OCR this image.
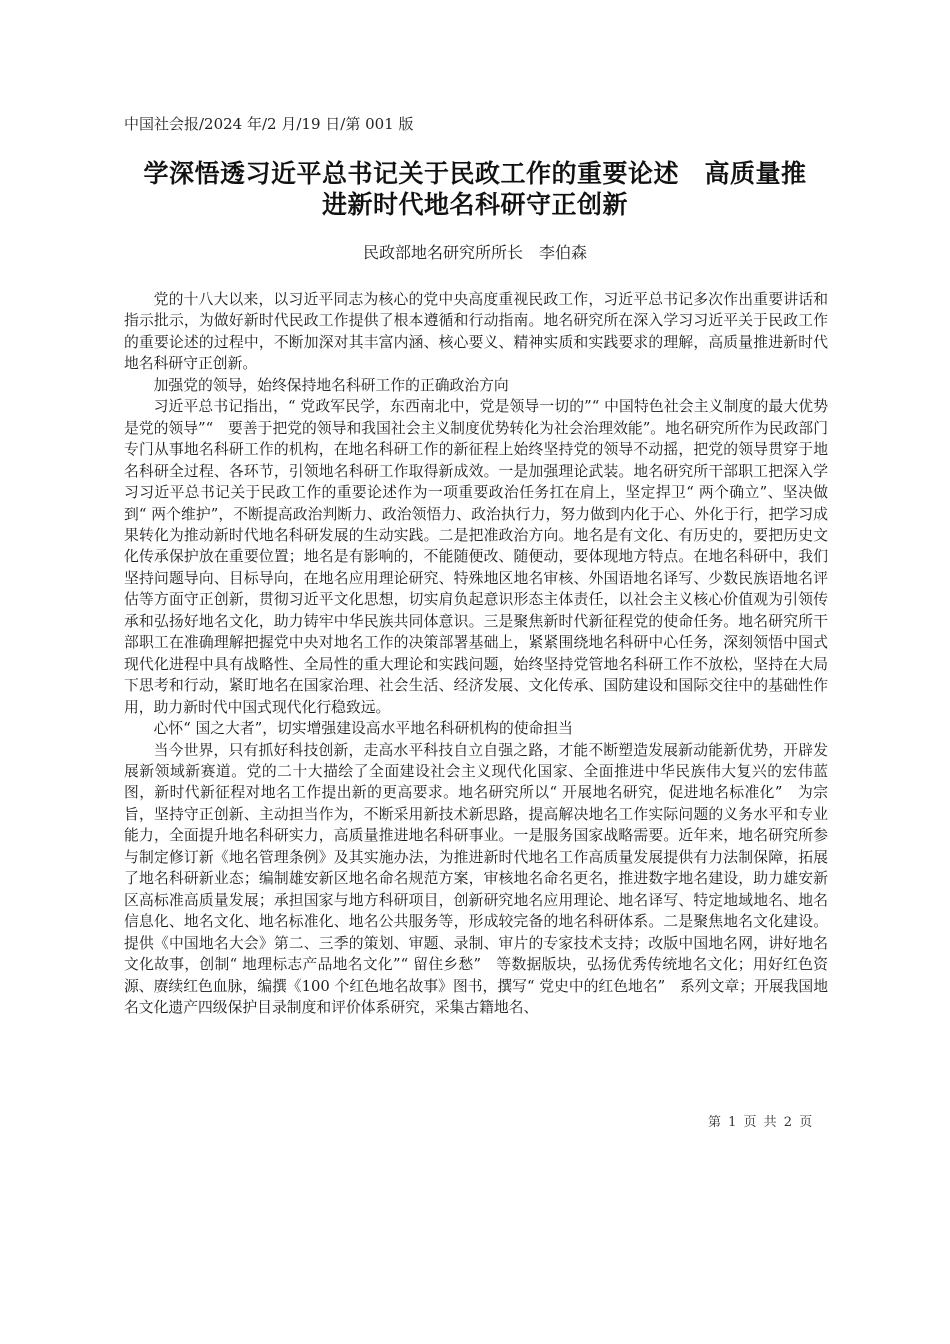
中国社会报/2024 年/2 月/19 日/第 001 版
学深悟透习近平总书记关于民政工作的重要论述　高质量推
进新时代地名科研守正创新
民政部地名研究所所长　李伯森

党的十八大以来，以习近平同志为核心的党中央高度重视民政工作，习近平总书记多次作出重要讲话和指示批示，为做好新时代民政工作提供了根本遵循和行动指南。地名研究所在深入学习习近平关于民政工作的重要论述的过程中，不断加深对其丰富内涵、核心要义、精神实质和实践要求的理解，高质量推进新时代地名科研守正创新。

加强党的领导，始终保持地名科研工作的正确政治方向

习近平总书记指出，“ 党政军民学，东西南北中，党是领导一切的”“ 中国特色社会主义制度的最大优势是党的领导”“　要善于把党的领导和我国社会主义制度优势转化为社会治理效能”。地名研究所作为民政部门专门从事地名科研工作的机构，在地名科研工作的新征程上始终坚持党的领导不动摇，把党的领导贯穿于地名科研全过程、各环节，引领地名科研工作取得新成效。一是加强理论武装。地名研究所干部职工把深入学习习近平总书记关于民政工作的重要论述作为一项重要政治任务扛在肩上，坚定捍卫“ 两个确立”、坚决做到“ 两个维护”，不断提高政治判断力、政治领悟力、政治执行力，努力做到内化于心、外化于行，把学习成果转化为推动新时代地名科研发展的生动实践。二是把准政治方向。地名是有文化、有历史的，要把历史文化传承保护放在重要位置；地名是有影响的，不能随便改、随便动，要体现地方特点。在地名科研中，我们坚持问题导向、目标导向，在地名应用理论研究、特殊地区地名审核、外国语地名译写、少数民族语地名评估等方面守正创新，贯彻习近平文化思想，切实肩负起意识形态主体责任，以社会主义核心价值观为引领传承和弘扬好地名文化，助力铸牢中华民族共同体意识。三是聚焦新时代新征程党的使命任务。地名研究所干部职工在准确理解把握党中央对地名工作的决策部署基础上，紧紧围绕地名科研中心任务，深刻领悟中国式现代化进程中具有战略性、全局性的重大理论和实践问题，始终坚持党管地名科研工作不放松，坚持在大局下思考和行动，紧盯地名在国家治理、社会生活、经济发展、文化传承、国防建设和国际交往中的基础性作用，助力新时代中国式现代化行稳致远。

心怀“ 国之大者”，切实增强建设高水平地名科研机构的使命担当

当今世界，只有抓好科技创新，走高水平科技自立自强之路，才能不断塑造发展新动能新优势，开辟发展新领域新赛道。党的二十大描绘了全面建设社会主义现代化国家、全面推进中华民族伟大复兴的宏伟蓝图，新时代新征程对地名工作提出新的更高要求。地名研究所以“ 开展地名研究，促进地名标准化”　为宗旨，坚持守正创新、主动担当作为，不断采用新技术新思路，提高解决地名工作实际问题的义务水平和专业能力，全面提升地名科研实力，高质量推进地名科研事业。一是服务国家战略需要。近年来，地名研究所参与制定修订新《地名管理条例》及其实施办法，为推进新时代地名工作高质量发展提供有力法制保障，拓展了地名科研新业态；编制雄安新区地名命名规范方案，审核地名命名更名，推进数字地名建设，助力雄安新区高标准高质量发展；承担国家与地方科研项目，创新研究地名应用理论、地名译写、特定地域地名、地名信息化、地名文化、地名标准化、地名公共服务等，形成较完备的地名科研体系。二是聚焦地名文化建设。提供《中国地名大会》第二、三季的策划、审题、录制、审片的专家技术支持；改版中国地名网，讲好地名文化故事，创制“ 地理标志产品地名文化”“ 留住乡愁”　等数据版块，弘扬优秀传统地名文化；用好红色资源、赓续红色血脉，编撰《100 个红色地名故事》图书，撰写“ 党史中的红色地名”　系列文章；开展我国地名文化遗产四级保护目录制度和评价体系研究，采集古籍地名、

第 1 页 共 2 页
